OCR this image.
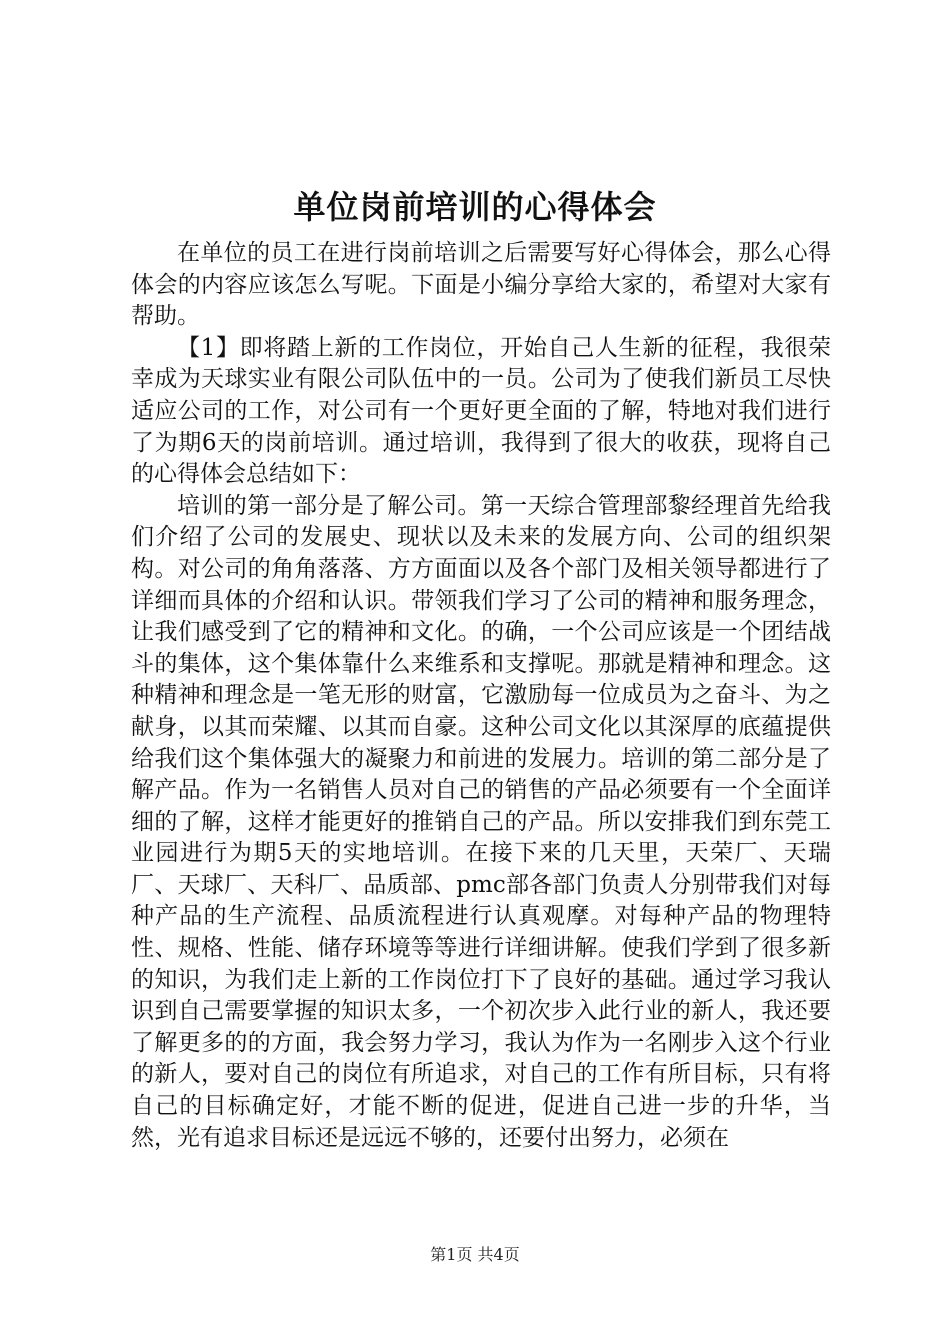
单位岗前培训的心得体会

在单位的员工在进行岗前培训之后需要写好心得体会，那么心得体会的内容应该怎么写呢。下面是小编分享给大家的，希望对大家有帮助。

【1】即将踏上新的工作岗位，开始自己人生新的征程，我很荣幸成为天球实业有限公司队伍中的一员。公司为了使我们新员工尽快适应公司的工作，对公司有一个更好更全面的了解，特地对我们进行了为期6天的岗前培训。通过培训，我得到了很大的收获，现将自己的心得体会总结如下：

培训的第一部分是了解公司。第一天综合管理部黎经理首先给我们介绍了公司的发展史、现状以及未来的发展方向、公司的组织架构。对公司的角角落落、方方面面以及各个部门及相关领导都进行了详细而具体的介绍和认识。带领我们学习了公司的精神和服务理念，让我们感受到了它的精神和文化。的确，一个公司应该是一个团结战斗的集体，这个集体靠什么来维系和支撑呢。那就是精神和理念。这种精神和理念是一笔无形的财富，它激励每一位成员为之奋斗、为之献身，以其而荣耀、以其而自豪。这种公司文化以其深厚的底蕴提供给我们这个集体强大的凝聚力和前进的发展力。培训的第二部分是了解产品。作为一名销售人员对自己的销售的产品必须要有一个全面详细的了解，这样才能更好的推销自己的产品。所以安排我们到东莞工业园进行为期5天的实地培训。在接下来的几天里，天荣厂、天瑞厂、天球厂、天科厂、品质部、pmc部各部门负责人分别带我们对每种产品的生产流程、品质流程进行认真观摩。对每种产品的物理特性、规格、性能、储存环境等等进行详细讲解。使我们学到了很多新的知识，为我们走上新的工作岗位打下了良好的基础。通过学习我认识到自己需要掌握的知识太多，一个初次步入此行业的新人，我还要了解更多的的方面，我会努力学习，我认为作为一名刚步入这个行业的新人，要对自己的岗位有所追求，对自己的工作有所目标，只有将自己的目标确定好，才能不断的促进，促进自己进一步的升华，当然，光有追求目标还是远远不够的，还要付出努力，必须在

第1页 共4页
